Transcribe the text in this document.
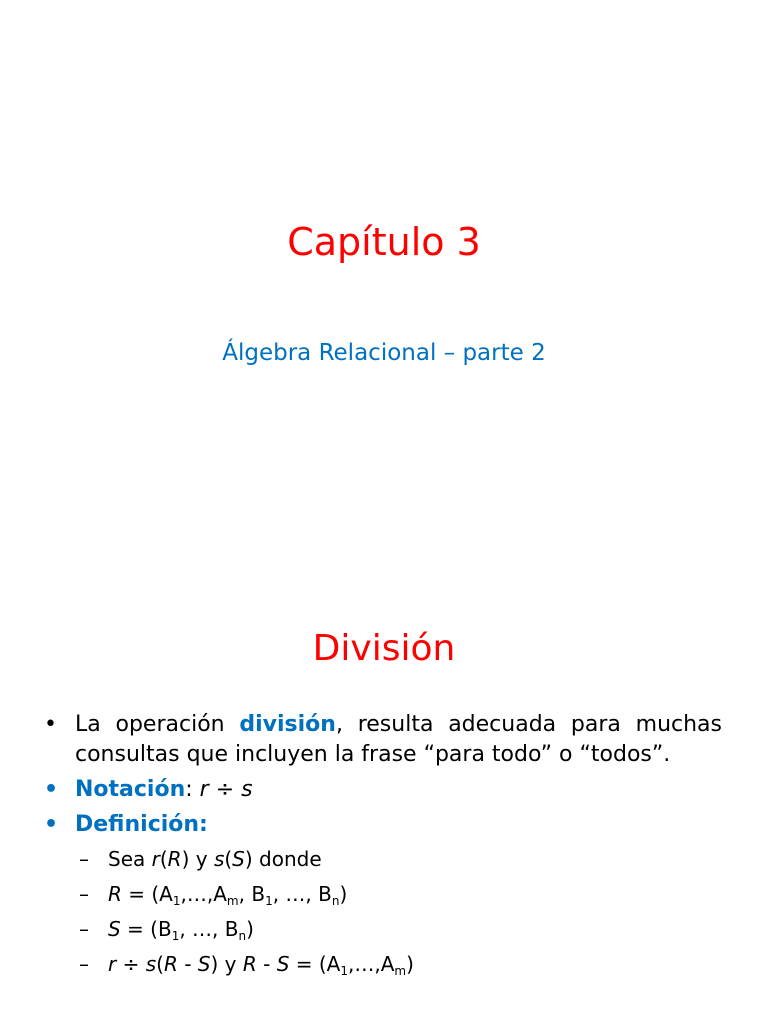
Capítulo 3
Álgebra Relacional – parte 2
División
• La operación división, resulta adecuada para muchas consultas que incluyen la frase “para todo” o “todos”.
• Notación: r ÷ s
• Definición:
– Sea r(R) y s(S) donde
– $R = (A_1,\dots,A_m$, $B_1$, …, $B_n$)
– $S = (B_1$, …, $B_n$)
– r ÷ s(R - S) y $R - S = (A_1,\dots,A_m)$
